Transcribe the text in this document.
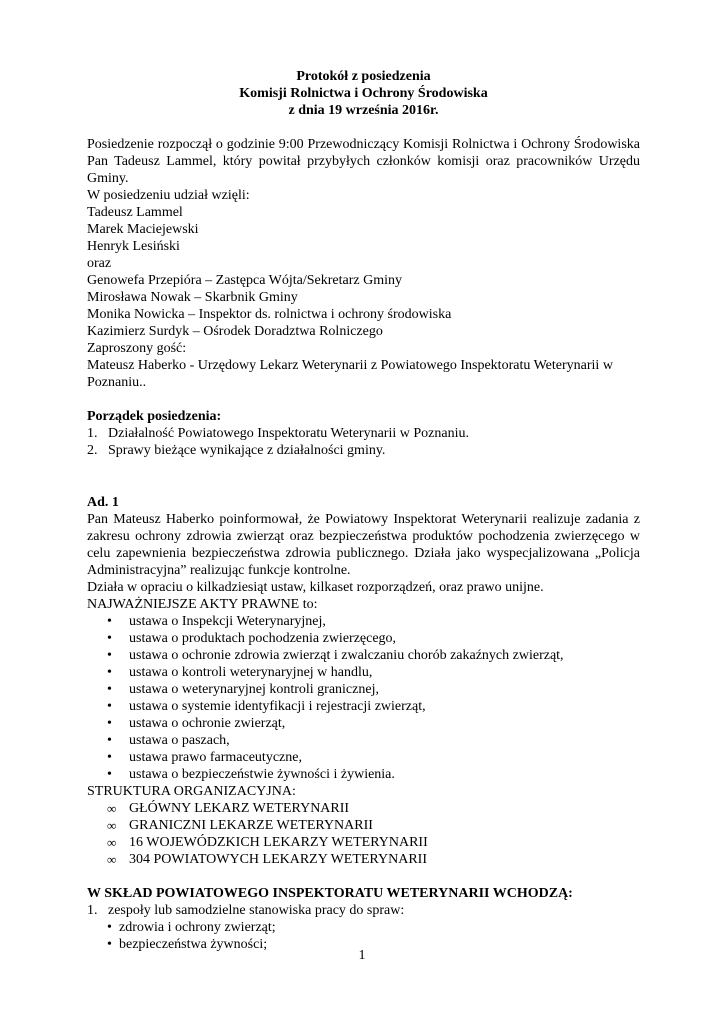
Protokół z posiedzenia
Komisji Rolnictwa i Ochrony Środowiska
z dnia 19 września 2016r.
Posiedzenie rozpoczął o godzinie 9:00 Przewodniczący Komisji Rolnictwa i Ochrony Środowiska Pan Tadeusz Lammel, który powitał przybyłych członków komisji oraz pracowników Urzędu Gminy.
W posiedzeniu udział wzięli:
Tadeusz Lammel
Marek Maciejewski
Henryk Lesiński
oraz
Genowefa Przepióra – Zastępca Wójta/Sekretarz Gminy
Mirosława Nowak – Skarbnik Gminy
Monika Nowicka – Inspektor ds. rolnictwa i ochrony środowiska
Kazimierz Surdyk – Ośrodek Doradztwa Rolniczego
Zaproszony gość:
Mateusz Haberko - Urzędowy Lekarz Weterynarii z Powiatowego Inspektoratu Weterynarii w
Poznaniu..
Porządek posiedzenia:
1. Działalność Powiatowego Inspektoratu Weterynarii w Poznaniu.
2. Sprawy bieżące wynikające z działalności gminy.
Ad. 1
Pan Mateusz Haberko poinformował, że Powiatowy Inspektorat Weterynarii realizuje zadania z zakresu ochrony zdrowia zwierząt oraz bezpieczeństwa produktów pochodzenia zwierzęcego w celu zapewnienia bezpieczeństwa zdrowia publicznego. Działa jako wyspecjalizowana „Policja Administracyjna” realizując funkcje kontrolne.
Działa w opraciu o kilkadziesiąt ustaw, kilkaset rozporządzeń, oraz prawo unijne.
NAJWAŻNIEJSZE AKTY PRAWNE to:
• ustawa o Inspekcji Weterynaryjnej,
• ustawa o produktach pochodzenia zwierzęcego,
• ustawa o ochronie zdrowia zwierząt i zwalczaniu chorób zakaźnych zwierząt,
• ustawa o kontroli weterynaryjnej w handlu,
• ustawa o weterynaryjnej kontroli granicznej,
• ustawa o systemie identyfikacji i rejestracji zwierząt,
• ustawa o ochronie zwierząt,
• ustawa o paszach,
• ustawa prawo farmaceutyczne,
• ustawa o bezpieczeństwie żywności i żywienia.
STRUKTURA ORGANIZACYJNA:
∞ GŁÓWNY LEKARZ WETERYNARII
∞ GRANICZNI LEKARZE WETERYNARII
∞ 16 WOJEWÓDZKICH LEKARZY WETERYNARII
∞ 304 POWIATOWYCH LEKARZY WETERYNARII
W SKŁAD POWIATOWEGO INSPEKTORATU WETERYNARII WCHODZĄ:
1. zespoły lub samodzielne stanowiska pracy do spraw:
• zdrowia i ochrony zwierząt;
• bezpieczeństwa żywności;
1
